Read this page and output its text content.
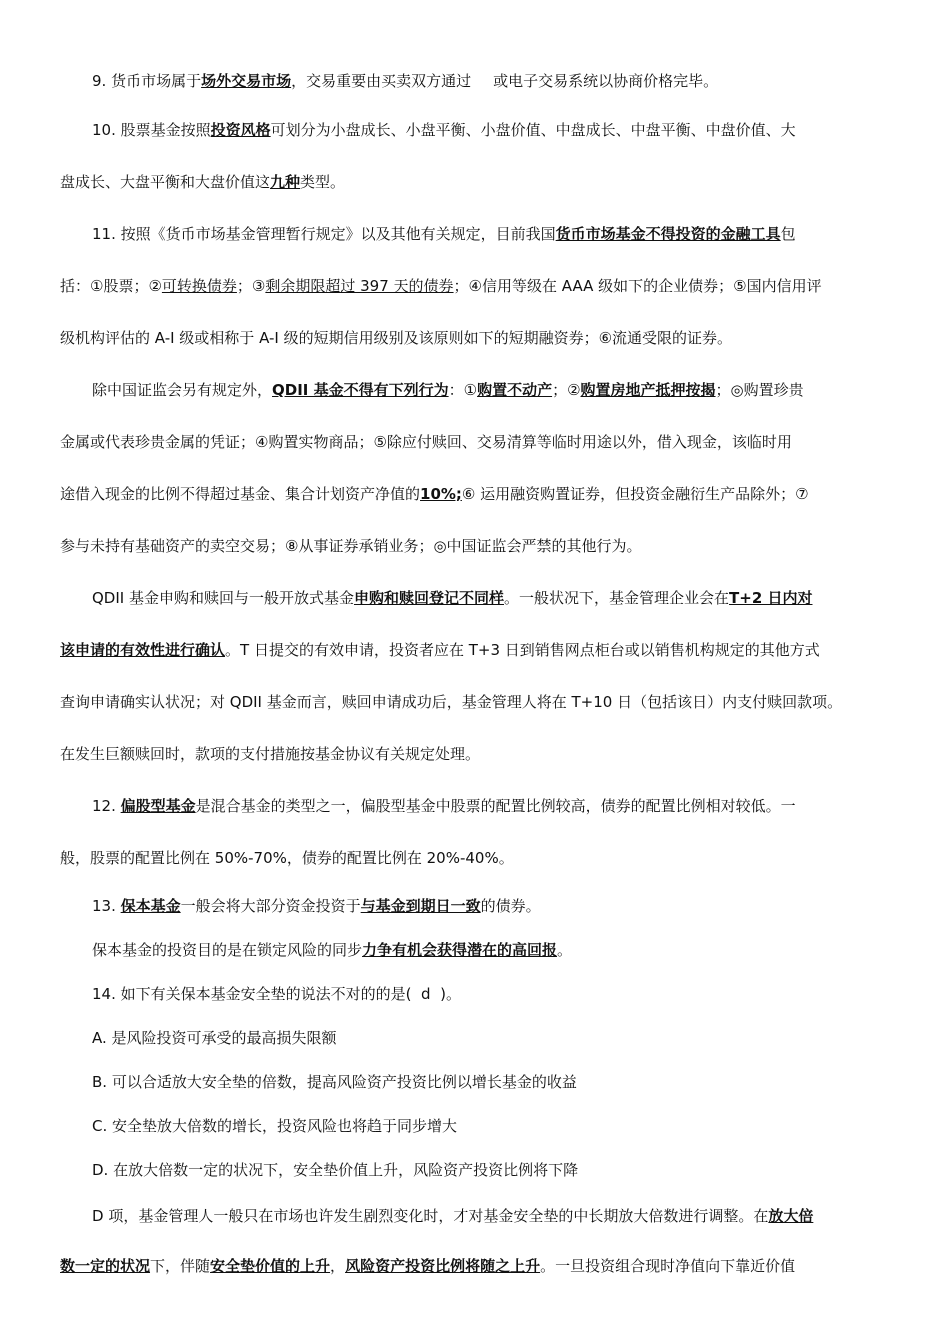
9. 货币市场属于场外交易市场，交易重要由买卖双方通过 或电子交易系统以协商价格完毕。

10. 股票基金按照投资风格可划分为小盘成长、小盘平衡、小盘价值、中盘成长、中盘平衡、中盘价值、大

盘成长、大盘平衡和大盘价值这九种类型。

11. 按照《货币市场基金管理暂行规定》以及其他有关规定，目前我国货币市场基金不得投资的金融工具包

括：①股票；②可转换债券；③剩余期限超过 397 天的债券；④信用等级在 AAA 级如下的企业债券；⑤国内信用评

级机构评估的 A-I 级或相称于 A-I 级的短期信用级别及该原则如下的短期融资券；⑥流通受限的证券。

除中国证监会另有规定外，QDII 基金不得有下列行为：①购置不动产；②购置房地产抵押按揭；◎购置珍贵

金属或代表珍贵金属的凭证；④购置实物商品；⑤除应付赎回、交易清算等临时用途以外，借入现金，该临时用

途借入现金的比例不得超过基金、集合计划资产净值的10%;⑥ 运用融资购置证券，但投资金融衍生产品除外；⑦

参与未持有基础资产的卖空交易；⑧从事证券承销业务；◎中国证监会严禁的其他行为。

QDII 基金申购和赎回与一般开放式基金申购和赎回登记不同样。一般状况下，基金管理企业会在T+2 日内对

该申请的有效性进行确认。T 日提交的有效申请，投资者应在 T+3 日到销售网点柜台或以销售机构规定的其他方式

查询申请确实认状况；对 QDII 基金而言，赎回申请成功后，基金管理人将在 T+10 日（包括该日）内支付赎回款项。

在发生巨额赎回时，款项的支付措施按基金协议有关规定处理。

12. 偏股型基金是混合基金的类型之一，偏股型基金中股票的配置比例较高，债券的配置比例相对较低。一

般，股票的配置比例在 50%-70%，债券的配置比例在 20%-40%。

13. 保本基金一般会将大部分资金投资于与基金到期日一致的债券。

保本基金的投资目的是在锁定风险的同步力争有机会获得潜在的高回报。

14. 如下有关保本基金安全垫的说法不对的的是( d )。

A. 是风险投资可承受的最高损失限额

B. 可以合适放大安全垫的倍数，提高风险资产投资比例以增长基金的收益

C. 安全垫放大倍数的增长，投资风险也将趋于同步增大

D. 在放大倍数一定的状况下，安全垫价值上升，风险资产投资比例将下降

D 项，基金管理人一般只在市场也许发生剧烈变化时，才对基金安全垫的中长期放大倍数进行调整。在放大倍

数一定的状况下，伴随安全垫价值的上升，风险资产投资比例将随之上升。一旦投资组合现时净值向下靠近价值
